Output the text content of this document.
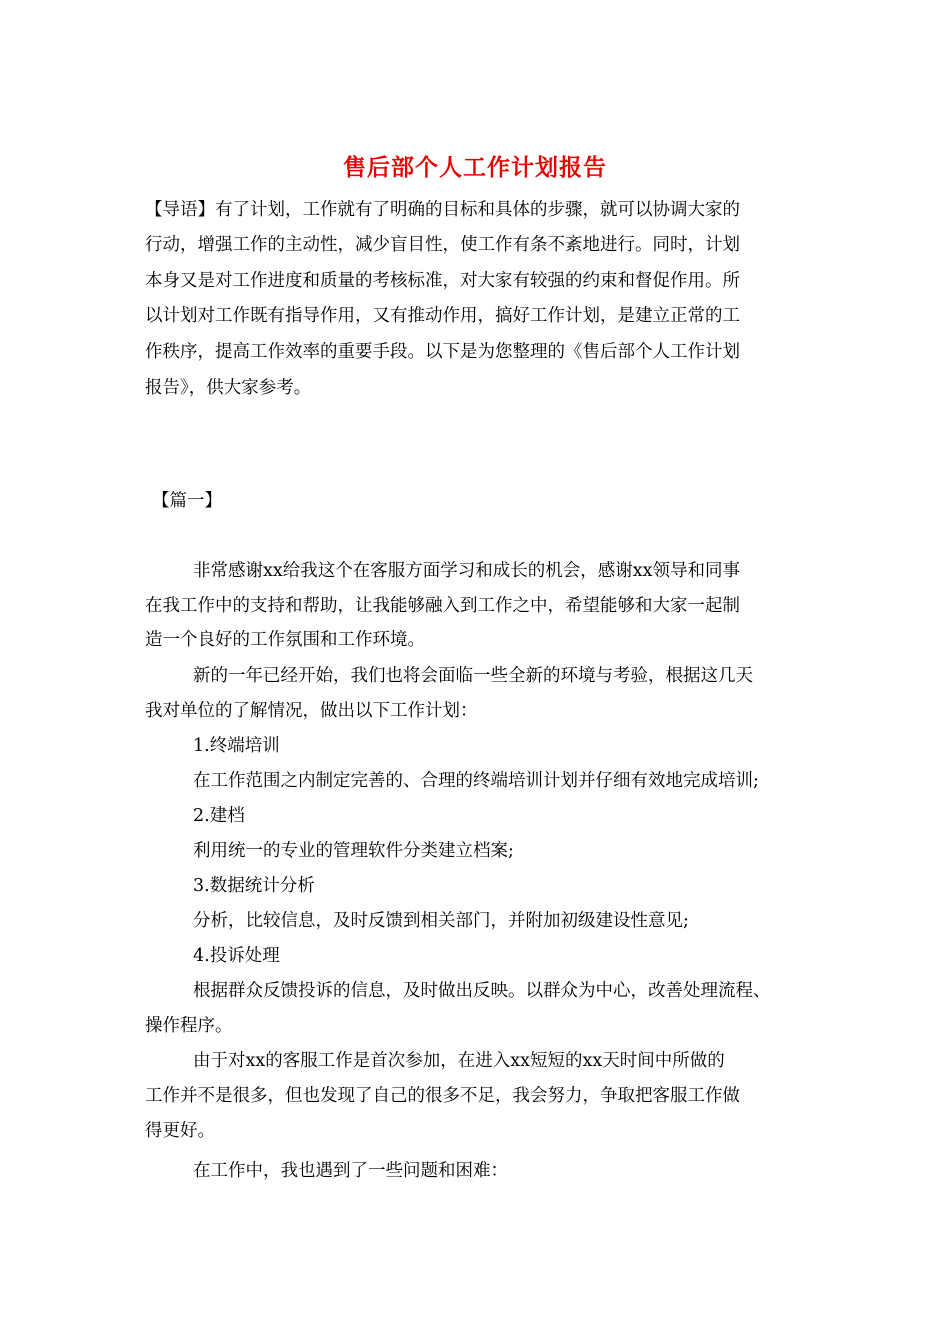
售后部个人工作计划报告
【导语】有了计划，工作就有了明确的目标和具体的步骤，就可以协调大家的
行动，增强工作的主动性，减少盲目性，使工作有条不紊地进行。同时，计划
本身又是对工作进度和质量的考核标准，对大家有较强的约束和督促作用。所
以计划对工作既有指导作用，又有推动作用，搞好工作计划，是建立正常的工
作秩序，提高工作效率的重要手段。以下是为您整理的《售后部个人工作计划
报告》，供大家参考。
【篇一】
非常感谢xx给我这个在客服方面学习和成长的机会，感谢xx领导和同事
在我工作中的支持和帮助，让我能够融入到工作之中，希望能够和大家一起制
造一个良好的工作氛围和工作环境。
新的一年已经开始，我们也将会面临一些全新的环境与考验，根据这几天
我对单位的了解情况，做出以下工作计划：
1.终端培训
在工作范围之内制定完善的、合理的终端培训计划并仔细有效地完成培训;
2.建档
利用统一的专业的管理软件分类建立档案;
3.数据统计分析
分析，比较信息，及时反馈到相关部门，并附加初级建设性意见;
4.投诉处理
根据群众反馈投诉的信息，及时做出反映。以群众为中心，改善处理流程、
操作程序。
由于对xx的客服工作是首次参加，在进入xx短短的xx天时间中所做的
工作并不是很多，但也发现了自己的很多不足，我会努力，争取把客服工作做
得更好。
在工作中，我也遇到了一些问题和困难：
